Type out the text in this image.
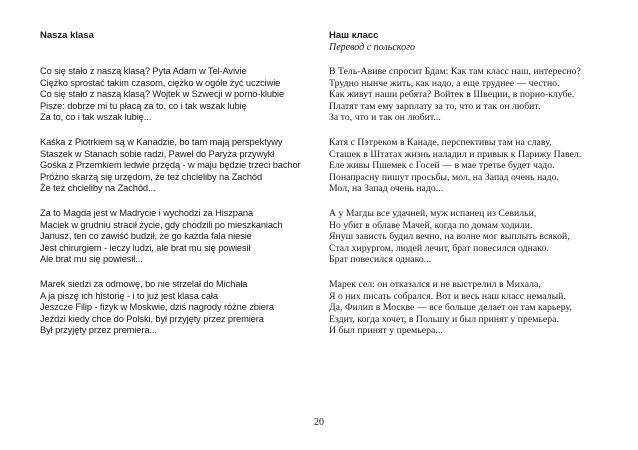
Nasza klasa

Co się stało z naszą klasą? Pyta Adam w Tel-Avivie
Ciężko sprostać takim czasom, ciężko w ogóle żyć uczciwie
Co się stało z naszą klasą? Wojtek w Szwecji w porno-klubie
Pisze: dobrze mi tu płacą za to, co i tak wszak lubię
Za to, co i tak wszak lubię...
Kaśka z Piotrkiem są w Kanadzie, bo tam mają perspektywy
Staszek w Stanach sobie radzi, Paweł do Paryża przywykł
Gośka z Przemkiem ledwie przędą - w maju będzie trzeci bachor
Próżno skarżą się urzędom, że też chcieliby na Zachód
Że też chcieliby na Zachód...
Za to Magda jest w Madrycie i wychodzi za Hiszpana
Maciek w grudniu stracił życie, gdy chodzili po mieszkaniach
Janusz, ten co zawiść budził, że go każda fala niesie
Jest chirurgiem - leczy ludzi, ale brat mu się powiesił
Ale brat mu się powiesił...
Marek siedzi za odmowę, bo nie strzelał do Michała
A ja piszę ich historię - i to już jest klasa cała
Jeszcze Filip - fizyk w Moskwie, dziś nagrody różne zbiera
Jeździ kiedy chce do Polski, był przyjęty przez premiera
Był przyjęty przez premiera...

Наш класс

Перевод с польского

В Тель-Авиве спросит Бдам: Как там класс наш, интересно?
Трудно нынче жить, как надо, а еще труднее — честно.
Как живут наши ребята? Войтек в Швеции, в порно-клубе.
Платят там ему зарплату за то, что и так он любит.
За то, что и так он любит...
Катя с Пэтреком в Канаде, перспективы там на славу,
Сташек в Штатах жизнь наладил и привык к Парижу Павел.
Еле живы Пшемек с Госей — в мае третье будет чадо.
Понапрасну пишут просьбы, мол, на Запад очень надо.
Мол, на Запад очень надо...
А у Магды все удачней, муж испанец из Севильи,
Но убит в облаве Мачей, когда по домам ходили.
Януш зависть будил вечно, на волне мог выплыть всякой,
Стал хирургом, людей лечит, брат повесился однако.
Брат повесился однако...
Марек сел: он отказался и не выстрелил в Михала,
Я о них писать собрался. Вот и весь наш класс немалый.
Да, Филип в Москве — все больше делает он там карьеру,
Ездит, когда хочет, в Польшу и был принят у премьера.
И был принят у премьера...
20
